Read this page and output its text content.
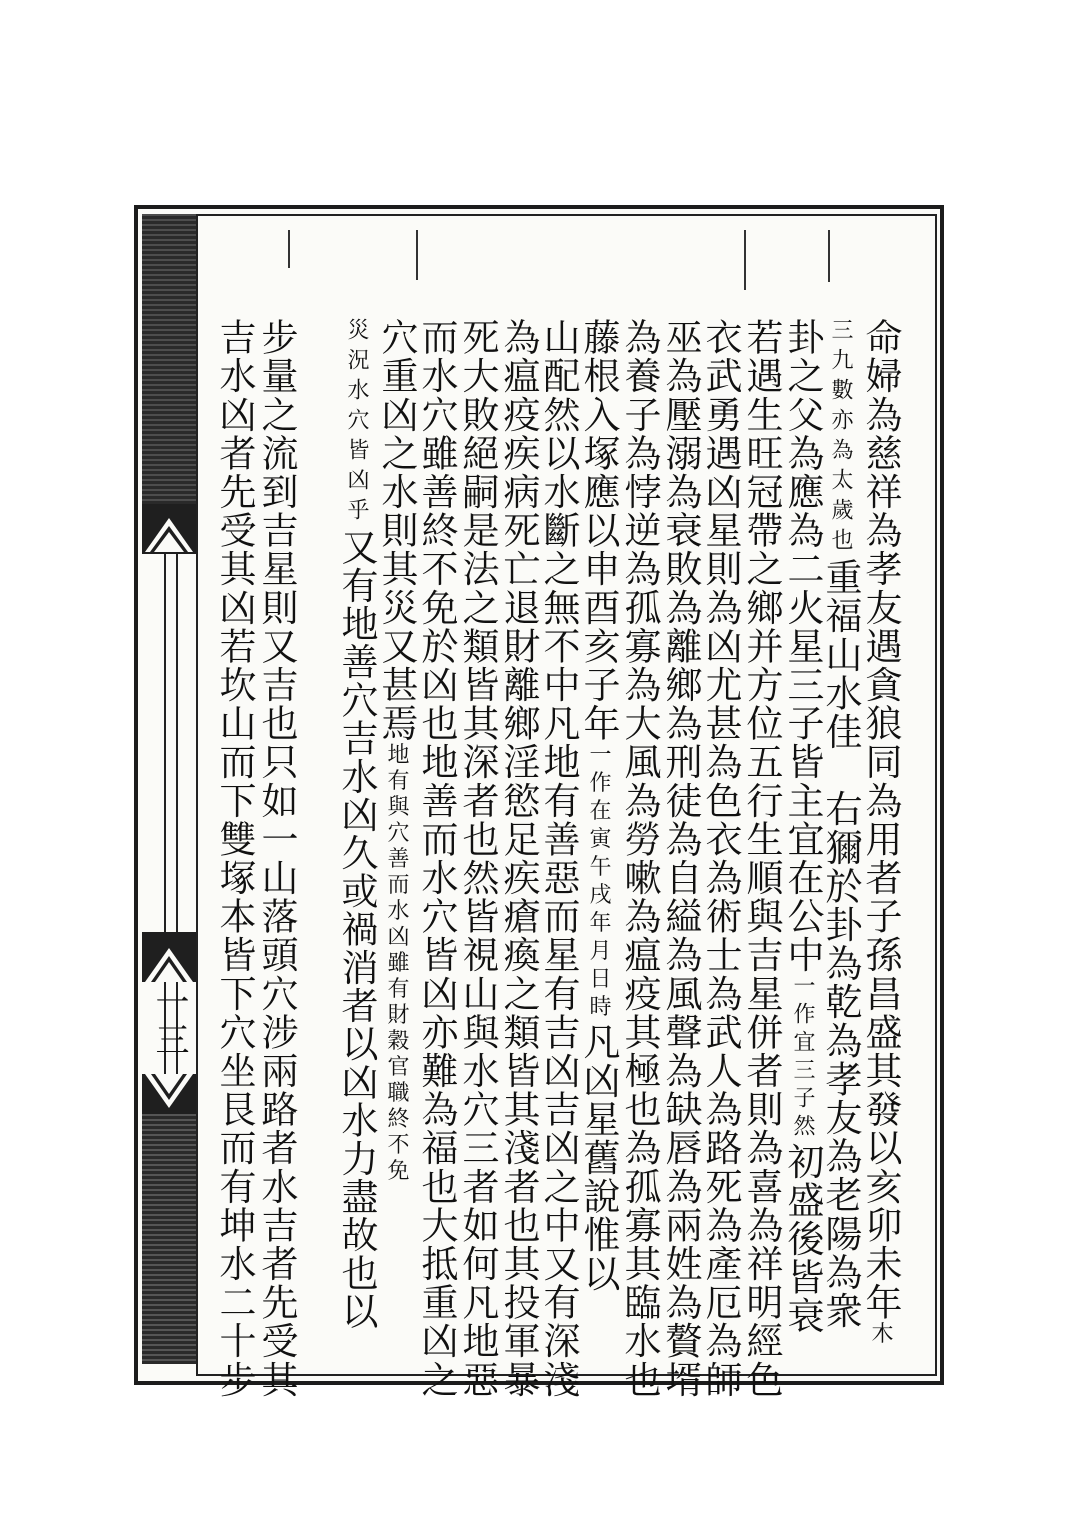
一三	命婦為慈祥為孝友遇貪狼同為用者子孫昌盛其發以亥卯未年木
三九數亦為太歲也重福山水佳　右獮於卦為乾為孝友為老陽為衆
卦之父為應為二火星三子皆主宜在公中一作宜三子然初盛後皆衰
若遇生旺冠帶之鄉并方位五行生順與吉星併者則為喜為祥明經色
衣武勇遇凶星則為凶尤甚為色衣為術士為武人為路死為產厄為師
巫為壓溺為衰敗為離鄉為刑徒為自縊為風聲為缺唇為兩姓為贅壻
為養子為悖逆為孤寡為大風為勞嗽為瘟疫其極也為孤寡其臨水也
藤根入塚應以申酉亥子年一作在寅午戌年月日時凡凶星舊說惟以
山配然以水斷之無不中凡地有善惡而星有吉凶吉凶之中又有深淺
為瘟疫疾病死亡退財離鄉淫慾足疾瘡瘓之類皆其淺者也其投軍暴
死大敗絕嗣是法之類皆其深者也然皆視山與水穴三者如何凡地惡
而水穴雖善終不免於凶也地善而水穴皆凶亦難為福也大抵重凶之
穴重凶之水則其災又甚焉地有與穴善而水凶雖有財穀官職終不免
災況水穴皆凶乎又有地善穴吉水凶久或禍消者以凶水力盡故也以
步量之流到吉星則又吉也只如一山落頭穴涉兩路者水吉者先受其
吉水凶者先受其凶若坎山而下雙塚本皆下穴坐艮而有坤水二十步
